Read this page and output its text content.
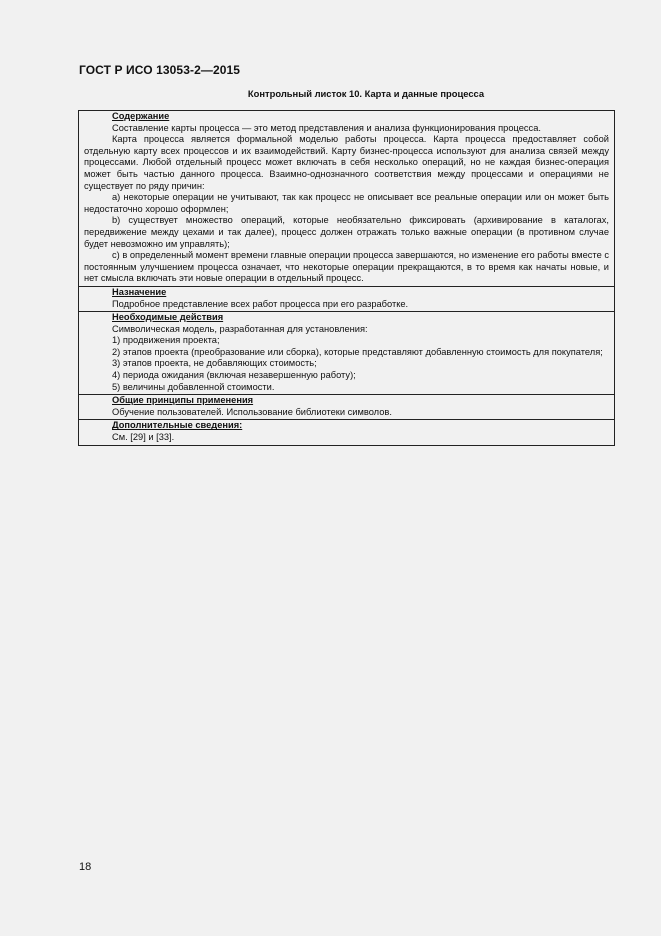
ГОСТ Р ИСО 13053-2—2015
Контрольный листок 10. Карта и данные процесса
Содержание

Составление карты процесса — это метод представления и анализа функционирования процесса.

Карта процесса является формальной моделью работы процесса. Карта процесса предоставляет собой отдельную карту всех процессов и их взаимодействий. Карту бизнес-процесса используют для анализа связей между процессами. Любой отдельный процесс может включать в себя несколько операций, но не каждая бизнес-операция может быть частью данного процесса. Взаимно-однозначного соответствия между процессами и операциями не существует по ряду причин:

a) некоторые операции не учитывают, так как процесс не описывает все реальные операции или он может быть недостаточно хорошо оформлен;

b) существует множество операций, которые необязательно фиксировать (архивирование в каталогах, передвижение между цехами и так далее), процесс должен отражать только важные операции (в противном случае будет невозможно им управлять);

c) в определенный момент времени главные операции процесса завершаются, но изменение его работы вместе с постоянным улучшением процесса означает, что некоторые операции прекращаются, в то время как начаты новые, и нет смысла включать эти новые операции в отдельный процесс.

Назначение

Подробное представление всех работ процесса при его разработке.

Необходимые действия

Символическая модель, разработанная для установления:

1) продвижения проекта;

2) этапов проекта (преобразование или сборка), которые представляют добавленную стоимость для покупателя;

3) этапов проекта, не добавляющих стоимость;

4) периода ожидания (включая незавершенную работу);

5) величины добавленной стоимости.

Общие принципы применения

Обучение пользователей. Использование библиотеки символов.

Дополнительные сведения:

См. [29] и [33].

18
